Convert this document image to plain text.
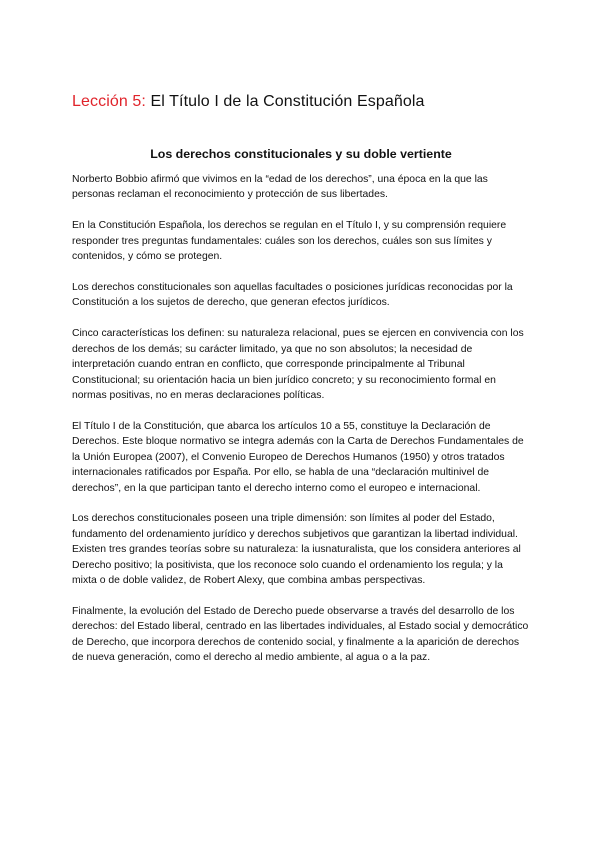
Lección 5: El Título I de la Constitución Española
Los derechos constitucionales y su doble vertiente

Norberto Bobbio afirmó que vivimos en la “edad de los derechos”, una época en la que las personas reclaman el reconocimiento y protección de sus libertades.

En la Constitución Española, los derechos se regulan en el Título I, y su comprensión requiere responder tres preguntas fundamentales: cuáles son los derechos, cuáles son sus límites y contenidos, y cómo se protegen.

Los derechos constitucionales son aquellas facultades o posiciones jurídicas reconocidas por la Constitución a los sujetos de derecho, que generan efectos jurídicos.

Cinco características los definen: su naturaleza relacional, pues se ejercen en convivencia con los derechos de los demás; su carácter limitado, ya que no son absolutos; la necesidad de interpretación cuando entran en conflicto, que corresponde principalmente al Tribunal Constitucional; su orientación hacia un bien jurídico concreto; y su reconocimiento formal en normas positivas, no en meras declaraciones políticas.

El Título I de la Constitución, que abarca los artículos 10 a 55, constituye la Declaración de Derechos. Este bloque normativo se integra además con la Carta de Derechos Fundamentales de la Unión Europea (2007), el Convenio Europeo de Derechos Humanos (1950) y otros tratados internacionales ratificados por España. Por ello, se habla de una “declaración multinivel de derechos”, en la que participan tanto el derecho interno como el europeo e internacional.

Los derechos constitucionales poseen una triple dimensión: son límites al poder del Estado, fundamento del ordenamiento jurídico y derechos subjetivos que garantizan la libertad individual. Existen tres grandes teorías sobre su naturaleza: la iusnaturalista, que los considera anteriores al Derecho positivo; la positivista, que los reconoce solo cuando el ordenamiento los regula; y la mixta o de doble validez, de Robert Alexy, que combina ambas perspectivas.

Finalmente, la evolución del Estado de Derecho puede observarse a través del desarrollo de los derechos: del Estado liberal, centrado en las libertades individuales, al Estado social y democrático de Derecho, que incorpora derechos de contenido social, y finalmente a la aparición de derechos de nueva generación, como el derecho al medio ambiente, al agua o a la paz.
